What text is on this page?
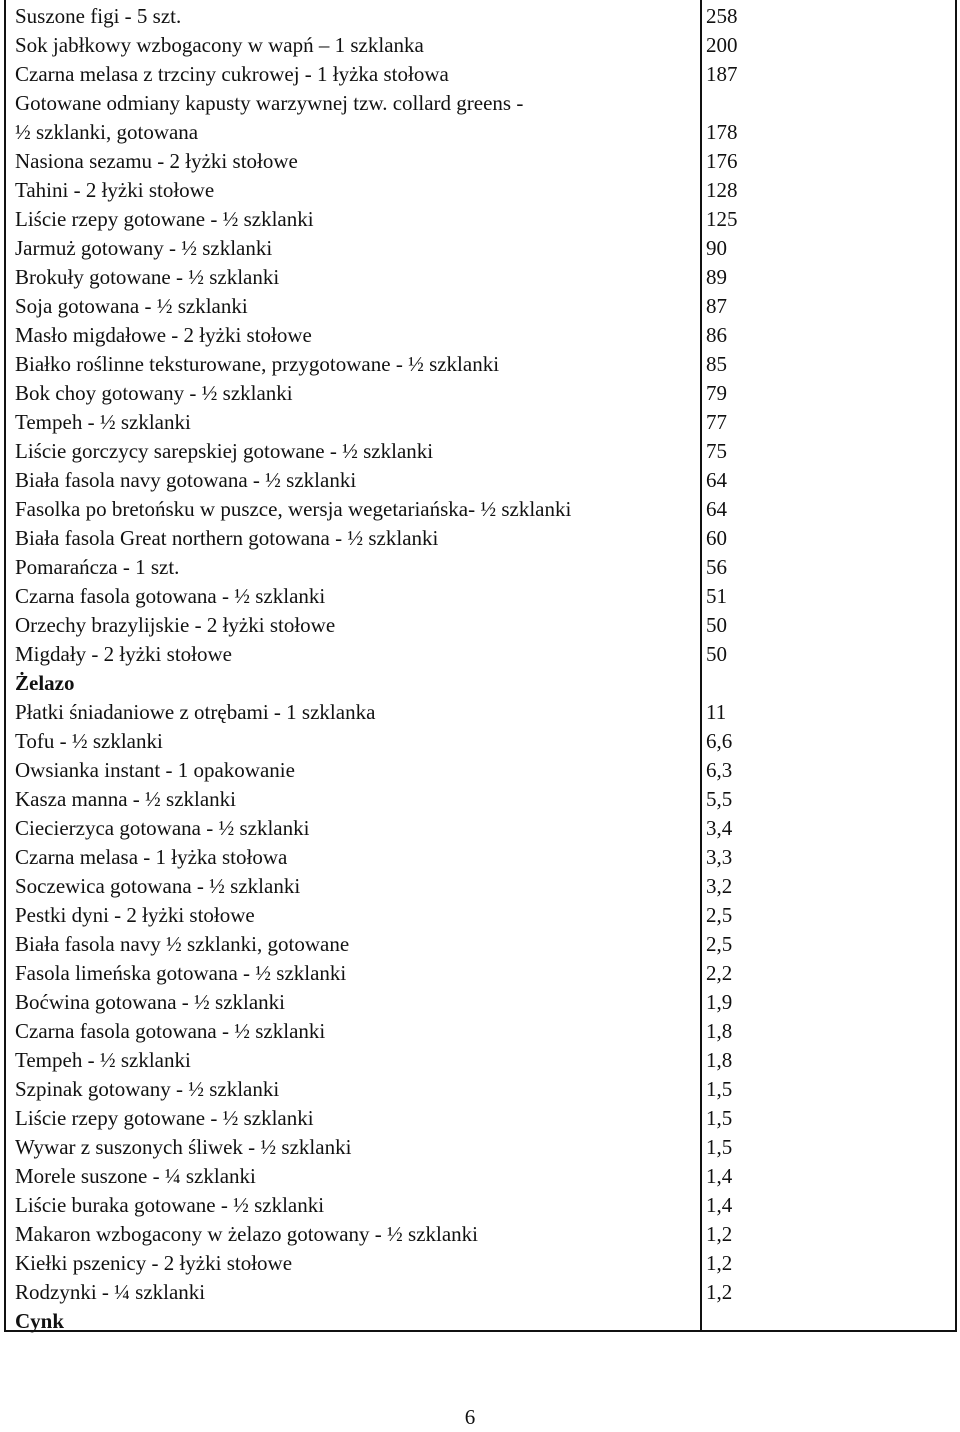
Suszone figi - 5 szt.	258
Sok jabłkowy wzbogacony w wapń – 1 szklanka	200
Czarna melasa z trzciny cukrowej - 1 łyżka stołowa	187
Gotowane odmiany kapusty warzywnej tzw. collard greens -
½ szklanki, gotowana	178
Nasiona sezamu - 2 łyżki stołowe	176
Tahini - 2 łyżki stołowe	128
Liście rzepy gotowane - ½ szklanki	125
Jarmuż gotowany - ½ szklanki	90
Brokuły gotowane - ½ szklanki	89
Soja gotowana - ½ szklanki	87
Masło migdałowe - 2 łyżki stołowe	86
Białko roślinne teksturowane, przygotowane - ½ szklanki	85
Bok choy gotowany - ½ szklanki	79
Tempeh - ½ szklanki	77
Liście gorczycy sarepskiej gotowane - ½ szklanki	75
Biała fasola navy gotowana - ½ szklanki	64
Fasolka po bretońsku w puszce, wersja wegetariańska- ½ szklanki	64
Biała fasola Great northern gotowana - ½ szklanki	60
Pomarańcza - 1 szt.	56
Czarna fasola gotowana - ½ szklanki	51
Orzechy brazylijskie - 2 łyżki stołowe	50
Migdały - 2 łyżki stołowe	50
Żelazo
Płatki śniadaniowe z otrębami - 1 szklanka	11
Tofu - ½ szklanki	6,6
Owsianka instant - 1 opakowanie	6,3
Kasza manna - ½ szklanki	5,5
Ciecierzyca gotowana - ½ szklanki	3,4
Czarna melasa - 1 łyżka stołowa	3,3
Soczewica gotowana - ½ szklanki	3,2
Pestki dyni - 2 łyżki stołowe	2,5
Biała fasola navy ½ szklanki, gotowane	2,5
Fasola limeńska gotowana - ½ szklanki	2,2
Boćwina gotowana - ½ szklanki	1,9
Czarna fasola gotowana - ½ szklanki	1,8
Tempeh - ½ szklanki	1,8
Szpinak gotowany - ½ szklanki	1,5
Liście rzepy gotowane - ½ szklanki	1,5
Wywar z suszonych śliwek - ½ szklanki	1,5
Morele suszone - ¼ szklanki	1,4
Liście buraka gotowane - ½ szklanki	1,4
Makaron wzbogacony w żelazo gotowany - ½ szklanki	1,2
Kiełki pszenicy - 2 łyżki stołowe	1,2
Rodzynki - ¼ szklanki	1,2
Cynk
6
